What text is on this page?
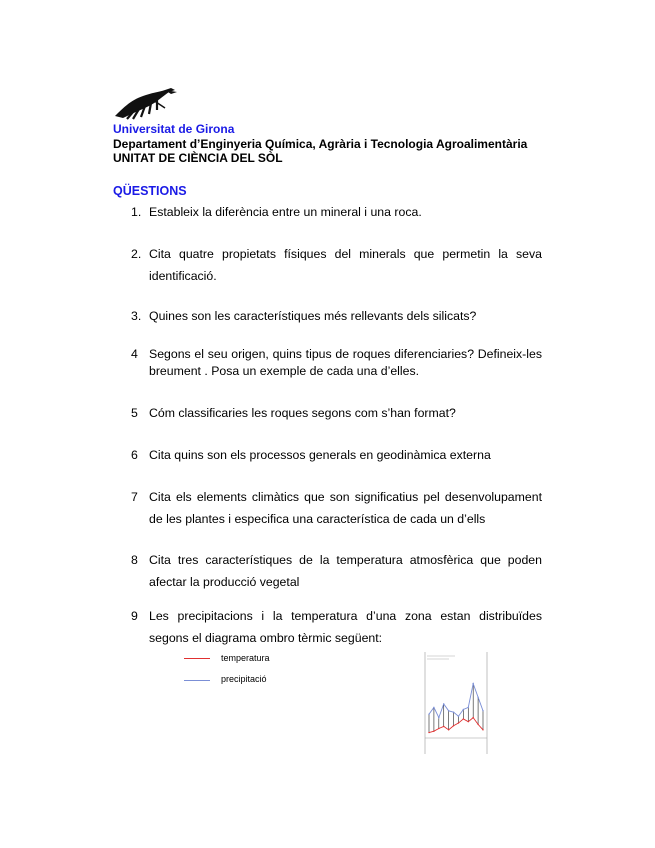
Universitat de Girona
Departament d’Enginyeria Química, Agrària i Tecnologia Agroalimentària
UNITAT DE CIÈNCIA DEL SÒL
QÜESTIONS
1. Estableix la diferència entre un mineral i una roca.
2. Cita quatre propietats físiques del minerals que permetin la seva identificació.
3. Quines son les característiques més rellevants dels silicats?
4 Segons el seu origen, quins tipus de roques diferenciaries? Defineix-les breument . Posa un exemple de cada una d’elles.
5 Cóm classificaries les roques segons com s’han format?
6 Cita quins son els processos generals en geodinàmica externa
7 Cita els elements climàtics que son significatius pel desenvolupament de les plantes i especifica una característica de cada un d’ells
8 Cita tres característiques de la temperatura atmosfèrica que poden afectar la producció vegetal
9 Les precipitacions i la temperatura d’una zona estan distribuïdes segons el diagrama ombro tèrmic següent:
temperatura
precipitació
